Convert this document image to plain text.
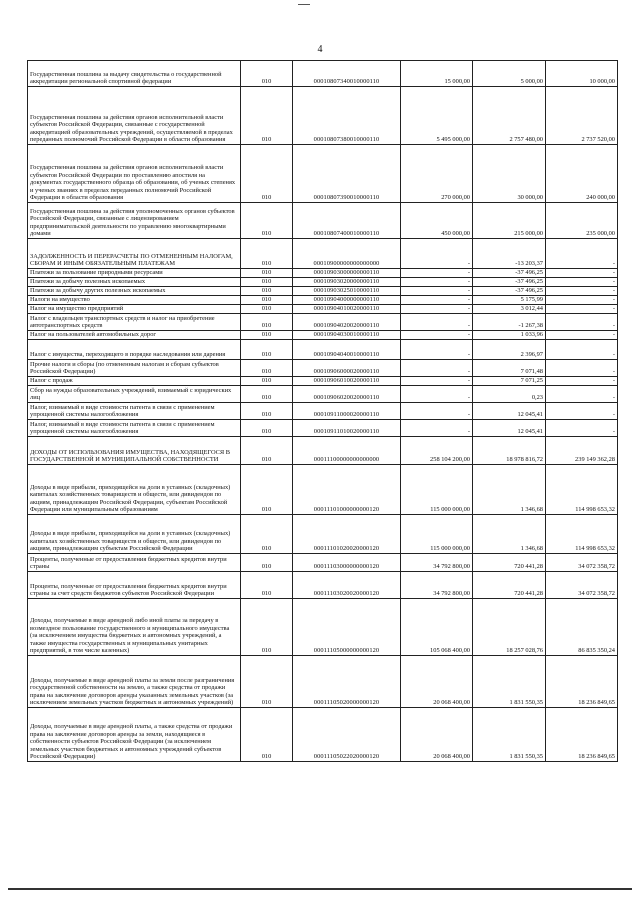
4
Государственная пошлина за выдачу свидетельства о государственной аккредитации региональной спортивной федерации	010	00010807340010000110	15 000,00	5 000,00	10 000,00
Государственная пошлина за действия органов исполнительной власти субъектов Российской Федерации, связанные с государственной аккредитацией образовательных учреждений, осуществляемой в пределах переданных полномочий Российской Федерации в области образования	010	00010807380010000110	5 495 000,00	2 757 480,00	2 737 520,00
Государственная пошлина за действия органов исполнительной власти субъектов Российской Федерации по проставлению апостиля на документах государственного образца об образовании, об ученых степенях и ученых званиях в пределах переданных полномочий Российской Федерации в области образования	010	00010807390010000110	270 000,00	30 000,00	240 000,00
Государственная пошлина за действия уполномоченных органов субъектов Российской Федерации, связанные с лицензированием предпринимательской деятельности по управлению многоквартирными домами	010	00010807400010000110	450 000,00	215 000,00	235 000,00
ЗАДОЛЖЕННОСТЬ И ПЕРЕРАСЧЕТЫ ПО ОТМЕНЕННЫМ НАЛОГАМ, СБОРАМ И ИНЫМ ОБЯЗАТЕЛЬНЫМ ПЛАТЕЖАМ	010	00010900000000000000	-	-13 203,37	-
Платежи за пользование природными ресурсами	010	00010903000000000110	-	-37 496,25	-
Платежи за добычу полезных ископаемых	010	00010903020000000110	-	-37 496,25	-
Платежи за добычу других полезных ископаемых	010	00010903025010000110	-	-37 496,25	-
Налоги на имущество	010	00010904000000000110	-	5 175,99	-
Налог на имущество предприятий	010	00010904010020000110	-	3 012,44	-
Налог с владельцев транспортных средств и налог на приобретение автотранспортных средств	010	00010904020020000110	-	-1 267,38	-
Налог на пользователей автомобильных дорог	010	00010904030010000110	-	1 033,96	-
Налог с имущества, переходящего в порядке наследования или дарения	010	00010904040010000110	-	2 396,97	-
Прочие налоги и сборы (по отмененным налогам и сборам субъектов Российской Федерации)	010	00010906000020000110	-	7 071,48	-
Налог с продаж	010	00010906010020000110	-	7 071,25	-
Сбор на нужды образовательных учреждений, взимаемый с юридических лиц	010	00010906020020000110	-	0,23	-
Налог, взимаемый в виде стоимости патента в связи с применением упрощенной системы налогообложения	010	00010911000020000110	-	12 045,41	-
Налог, взимаемый в виде стоимости патента в связи с применением упрощенной системы налогообложения	010	00010911010020000110	-	12 045,41	-
ДОХОДЫ ОТ ИСПОЛЬЗОВАНИЯ ИМУЩЕСТВА, НАХОДЯЩЕГОСЯ В ГОСУДАРСТВЕННОЙ И МУНИЦИПАЛЬНОЙ СОБСТВЕННОСТИ	010	00011100000000000000	258 104 200,00	18 978 816,72	239 149 362,28
Доходы в виде прибыли, приходящейся на доли в уставных (складочных) капиталах хозяйственных товариществ и обществ, или дивидендов по акциям, принадлежащим Российской Федерации, субъектам Российской Федерации или муниципальным образованиям	010	00011101000000000120	115 000 000,00	1 346,68	114 998 653,32
Доходы в виде прибыли, приходящейся на доли в уставных (складочных) капиталах хозяйственных товариществ и обществ, или дивидендов по акциям, принадлежащим субъектам Российской Федерации	010	00011101020020000120	115 000 000,00	1 346,68	114 998 653,32
Проценты, полученные от предоставления бюджетных кредитов внутри страны	010	00011103000000000120	34 792 800,00	720 441,28	34 072 358,72
Проценты, полученные от предоставления бюджетных кредитов внутри страны за счет средств бюджетов субъектов Российской Федерации	010	00011103020020000120	34 792 800,00	720 441,28	34 072 358,72
Доходы, получаемые в виде арендной либо иной платы за передачу в возмездное пользование государственного и муниципального имущества (за исключением имущества бюджетных и автономных учреждений, а также имущества государственных и муниципальных унитарных предприятий, в том числе казенных)	010	00011105000000000120	105 068 400,00	18 257 028,76	86 835 350,24
Доходы, получаемые в виде арендной платы за земли после разграничения государственной собственности на землю, а также средства от продажи права на заключение договоров аренды указанных земельных участков (за исключением земельных участков бюджетных и автономных учреждений)	010	00011105020000000120	20 068 400,00	1 831 550,35	18 236 849,65
Доходы, получаемые в виде арендной платы, а также средства от продажи права на заключение договоров аренды за земли, находящиеся в собственности субъектов Российской Федерации (за исключением земельных участков бюджетных и автономных учреждений субъектов Российской Федерации)	010	00011105022020000120	20 068 400,00	1 831 550,35	18 236 849,65
